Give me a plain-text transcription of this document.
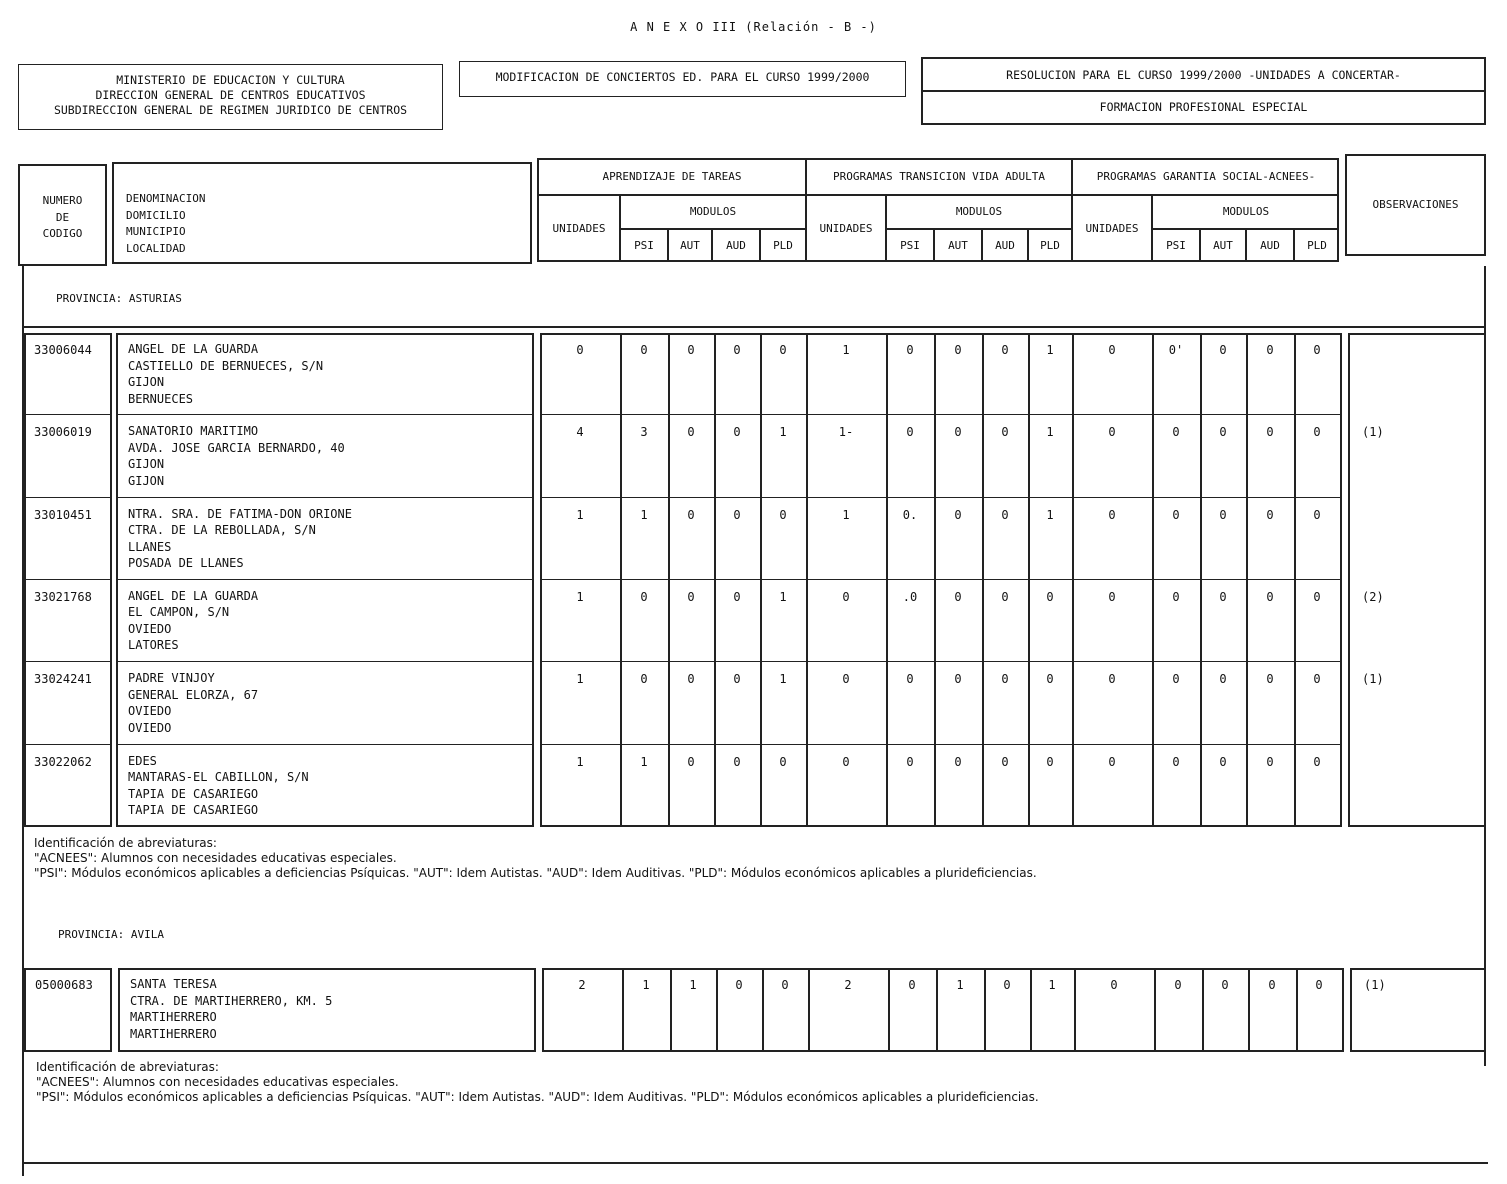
A N E X O III (Relación - B -)
MINISTERIO DE EDUCACION Y CULTURA
DIRECCION GENERAL DE CENTROS EDUCATIVOS
SUBDIRECCION GENERAL DE REGIMEN JURIDICO DE CENTROS
MODIFICACION DE CONCIERTOS ED. PARA EL CURSO 1999/2000	RESOLUCION PARA EL CURSO 1999/2000 -UNIDADES A CONCERTAR-
FORMACION PROFESIONAL ESPECIAL
NUMERO
DE
CODIGO
DENOMINACION
DOMICILIO
MUNICIPIO
LOCALIDAD
APRENDIZAJE DE TAREAS	PROGRAMAS TRANSICION VIDA ADULTA	PROGRAMAS GARANTIA SOCIAL-ACNEES-
UNIDADES
MODULOS
PSI	AUT	AUD	PLD
UNIDADES
MODULOS
PSI	AUT	AUD	PLD
UNIDADES
MODULOS
PSI	AUT	AUD	PLD
OBSERVACIONES
PROVINCIA: ASTURIAS
33006044	ANGEL DE LA GUARDA
CASTIELLO DE BERNUECES, S/N
GIJON
BERNUECES
0	0	0	0	0	1	0	0	0	1	0	0'	0	0	0
33006019	SANATORIO MARITIMO
AVDA. JOSE GARCIA BERNARDO, 40
GIJON
GIJON
4	3	0	0	1	1-	0	0	0	1	0	0	0	0	0	(1)
33010451	NTRA. SRA. DE FATIMA-DON ORIONE
CTRA. DE LA REBOLLADA, S/N
LLANES
POSADA DE LLANES
1	1	0	0	0	1	0.	0	0	1	0	0	0	0	0
33021768	ANGEL DE LA GUARDA
EL CAMPON, S/N
OVIEDO
LATORES
1	0	0	0	1	0	.0	0	0	0	0	0	0	0	0	(2)
33024241	PADRE VINJOY
GENERAL ELORZA, 67
OVIEDO
OVIEDO
1	0	0	0	1	0	0	0	0	0	0	0	0	0	0	(1)
33022062	EDES
MANTARAS-EL CABILLON, S/N
TAPIA DE CASARIEGO
TAPIA DE CASARIEGO
1	1	0	0	0	0	0	0	0	0	0	0	0	0	0
Identificación de abreviaturas:
"ACNEES": Alumnos con necesidades educativas especiales.
"PSI": Módulos económicos aplicables a deficiencias Psíquicas. "AUT": Idem Autistas. "AUD": Idem Auditivas. "PLD": Módulos económicos aplicables a plurideficiencias.
PROVINCIA: AVILA
05000683	SANTA TERESA
CTRA. DE MARTIHERRERO, KM. 5
MARTIHERRERO
MARTIHERRERO
2	1	1	0	0	2	0	1	0	1	0	0	0	0	0	(1)
Identificación de abreviaturas:
"ACNEES": Alumnos con necesidades educativas especiales.
"PSI": Módulos económicos aplicables a deficiencias Psíquicas. "AUT": Idem Autistas. "AUD": Idem Auditivas. "PLD": Módulos económicos aplicables a plurideficiencias.
